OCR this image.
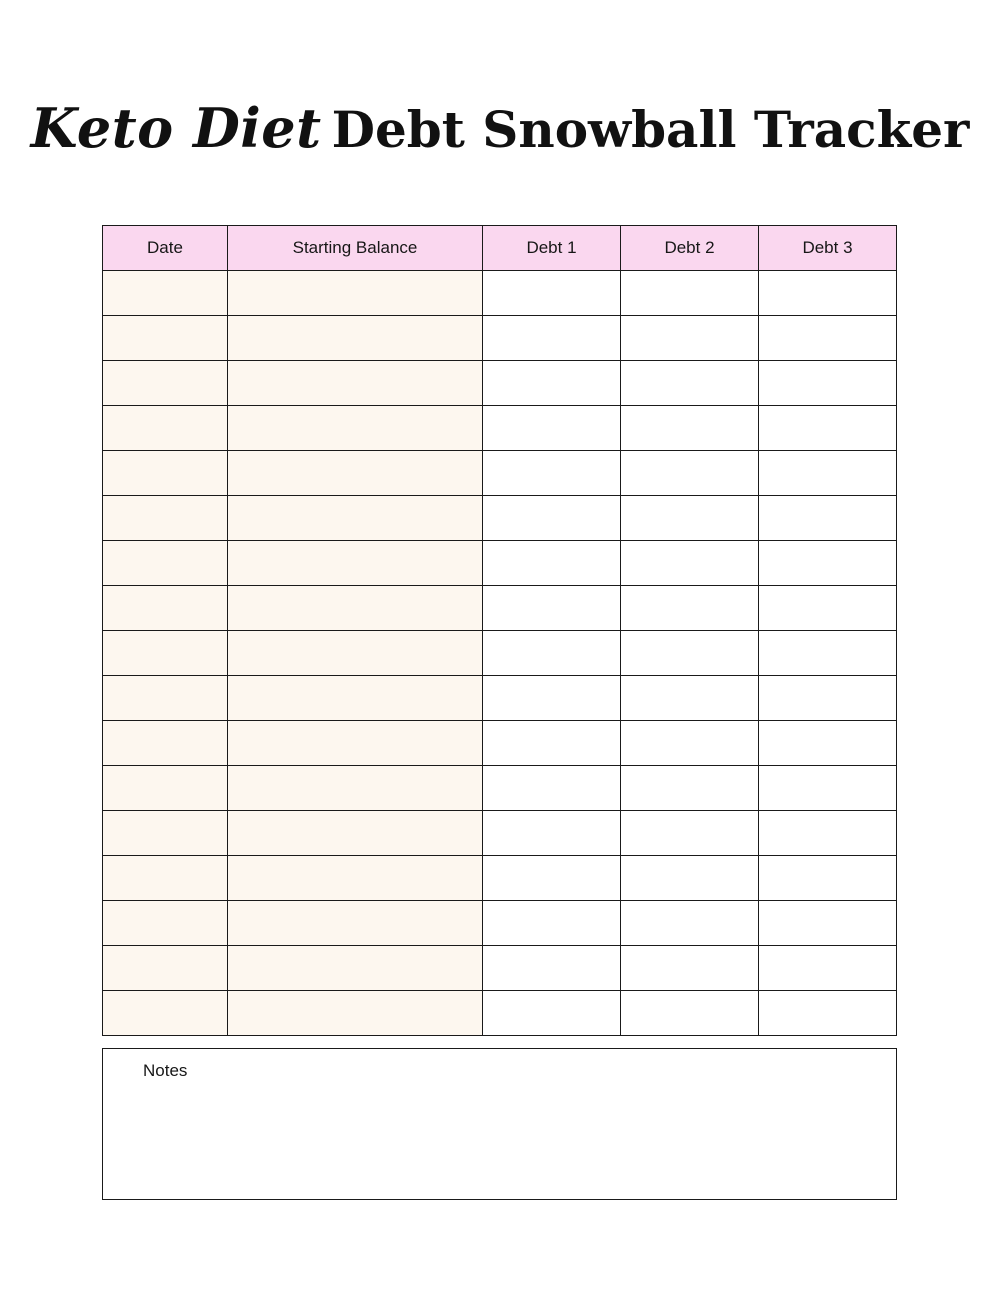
Keto Diet Debt Snowball Tracker
Date	Starting Balance	Debt 1	Debt 2	Debt 3

Notes
